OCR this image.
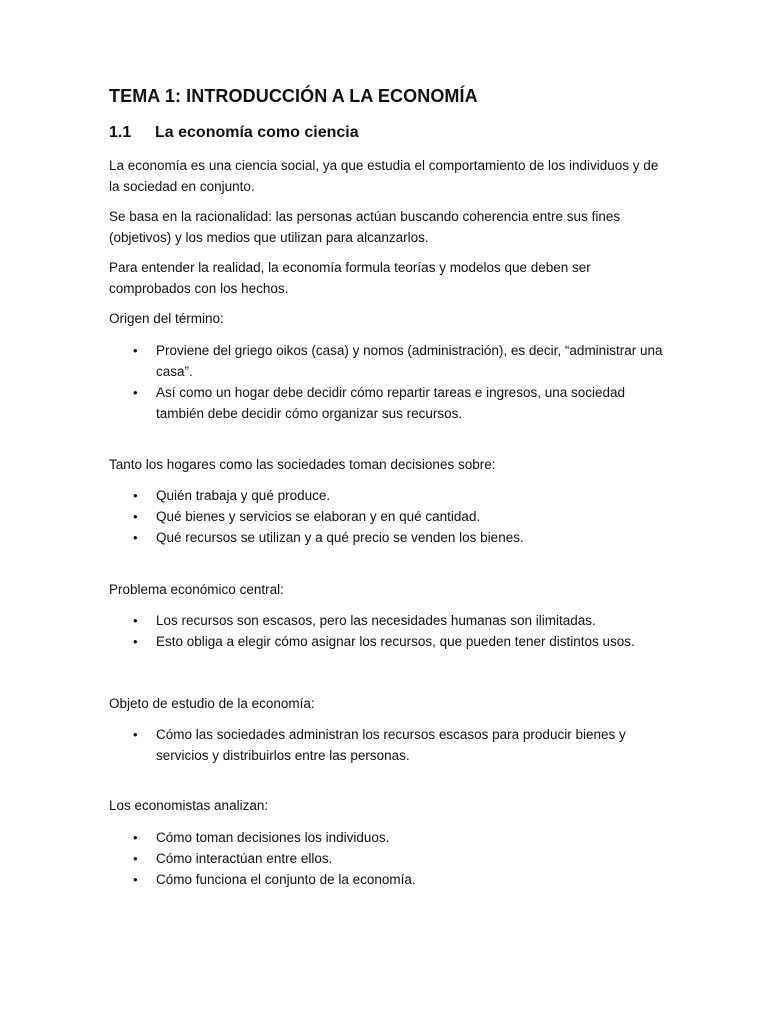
TEMA 1: INTRODUCCIÓN A LA ECONOMÍA
1.1 La economía como ciencia

La economía es una ciencia social, ya que estudia el comportamiento de los individuos y de la sociedad en conjunto.

Se basa en la racionalidad: las personas actúan buscando coherencia entre sus fines (objetivos) y los medios que utilizan para alcanzarlos.

Para entender la realidad, la economía formula teorías y modelos que deben ser comprobados con los hechos.

Origen del término:

• Proviene del griego oikos (casa) y nomos (administración), es decir, “administrar una casa”.
• Así como un hogar debe decidir cómo repartir tareas e ingresos, una sociedad también debe decidir cómo organizar sus recursos.

Tanto los hogares como las sociedades toman decisiones sobre:

• Quién trabaja y qué produce.
• Qué bienes y servicios se elaboran y en qué cantidad.
• Qué recursos se utilizan y a qué precio se venden los bienes.

Problema económico central:

• Los recursos son escasos, pero las necesidades humanas son ilimitadas.
• Esto obliga a elegir cómo asignar los recursos, que pueden tener distintos usos.

Objeto de estudio de la economía:

• Cómo las sociedades administran los recursos escasos para producir bienes y servicios y distribuirlos entre las personas.

Los economistas analizan:

• Cómo toman decisiones los individuos.
• Cómo interactúan entre ellos.
• Cómo funciona el conjunto de la economía.
